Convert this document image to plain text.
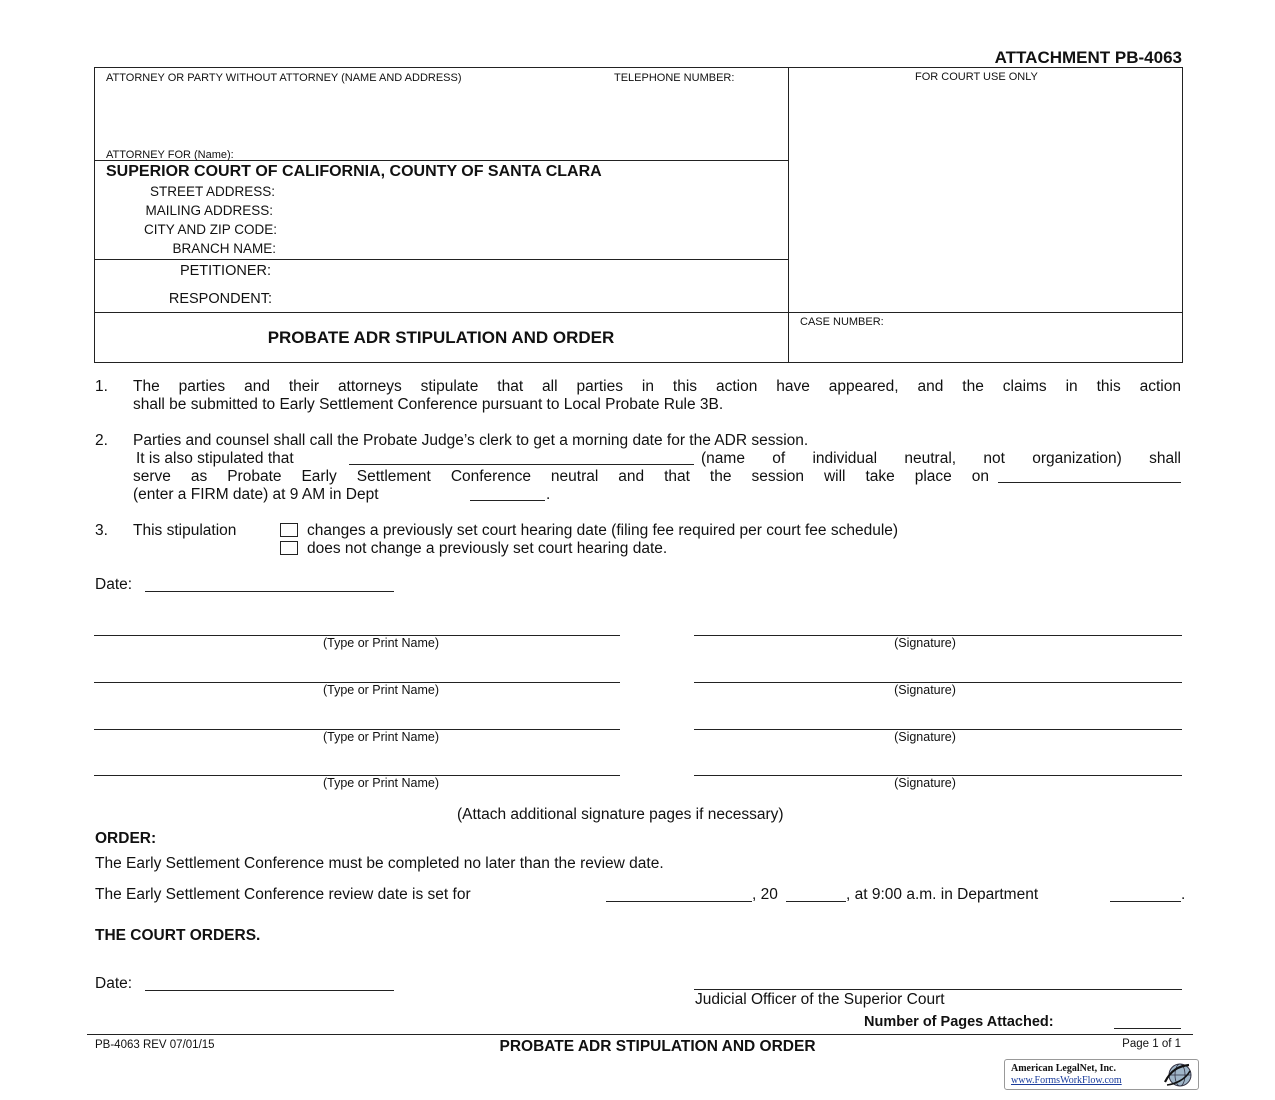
ATTACHMENT PB-4063
ATTORNEY OR PARTY WITHOUT ATTORNEY (NAME AND ADDRESS)	TELEPHONE NUMBER:	FOR COURT USE ONLY
ATTORNEY FOR (Name):
SUPERIOR COURT OF CALIFORNIA, COUNTY OF SANTA CLARA
STREET ADDRESS:
MAILING ADDRESS:
CITY AND ZIP CODE:
BRANCH NAME:
PETITIONER:
RESPONDENT:
PROBATE ADR STIPULATION AND ORDER
CASE NUMBER:
1. The parties and their attorneys stipulate that all parties in this action have appeared, and the claims in this action
shall be submitted to Early Settlement Conference pursuant to Local Probate Rule 3B.
2. Parties and counsel shall call the Probate Judge’s clerk to get a morning date for the ADR session.
It is also stipulated that	(name of individual neutral, not organization) shall
serve as Probate Early Settlement Conference neutral and that the session will take place on
(enter a FIRM date) at 9 AM in Dept	.
3. This stipulation	changes a previously set court hearing date (filing fee required per court fee schedule)
does not change a previously set court hearing date.
Date:
(Type or Print Name)	(Signature)
(Type or Print Name)	(Signature)
(Type or Print Name)	(Signature)
(Type or Print Name)	(Signature)
(Attach additional signature pages if necessary)
ORDER:
The Early Settlement Conference must be completed no later than the review date.
The Early Settlement Conference review date is set for	, 20	, at 9:00 a.m. in Department	.
THE COURT ORDERS.
Date:
Judicial Officer of the Superior Court
Number of Pages Attached:
PB-4063 REV 07/01/15	PROBATE ADR STIPULATION AND ORDER	Page 1 of 1
American LegalNet, Inc.
www.FormsWorkFlow.com
